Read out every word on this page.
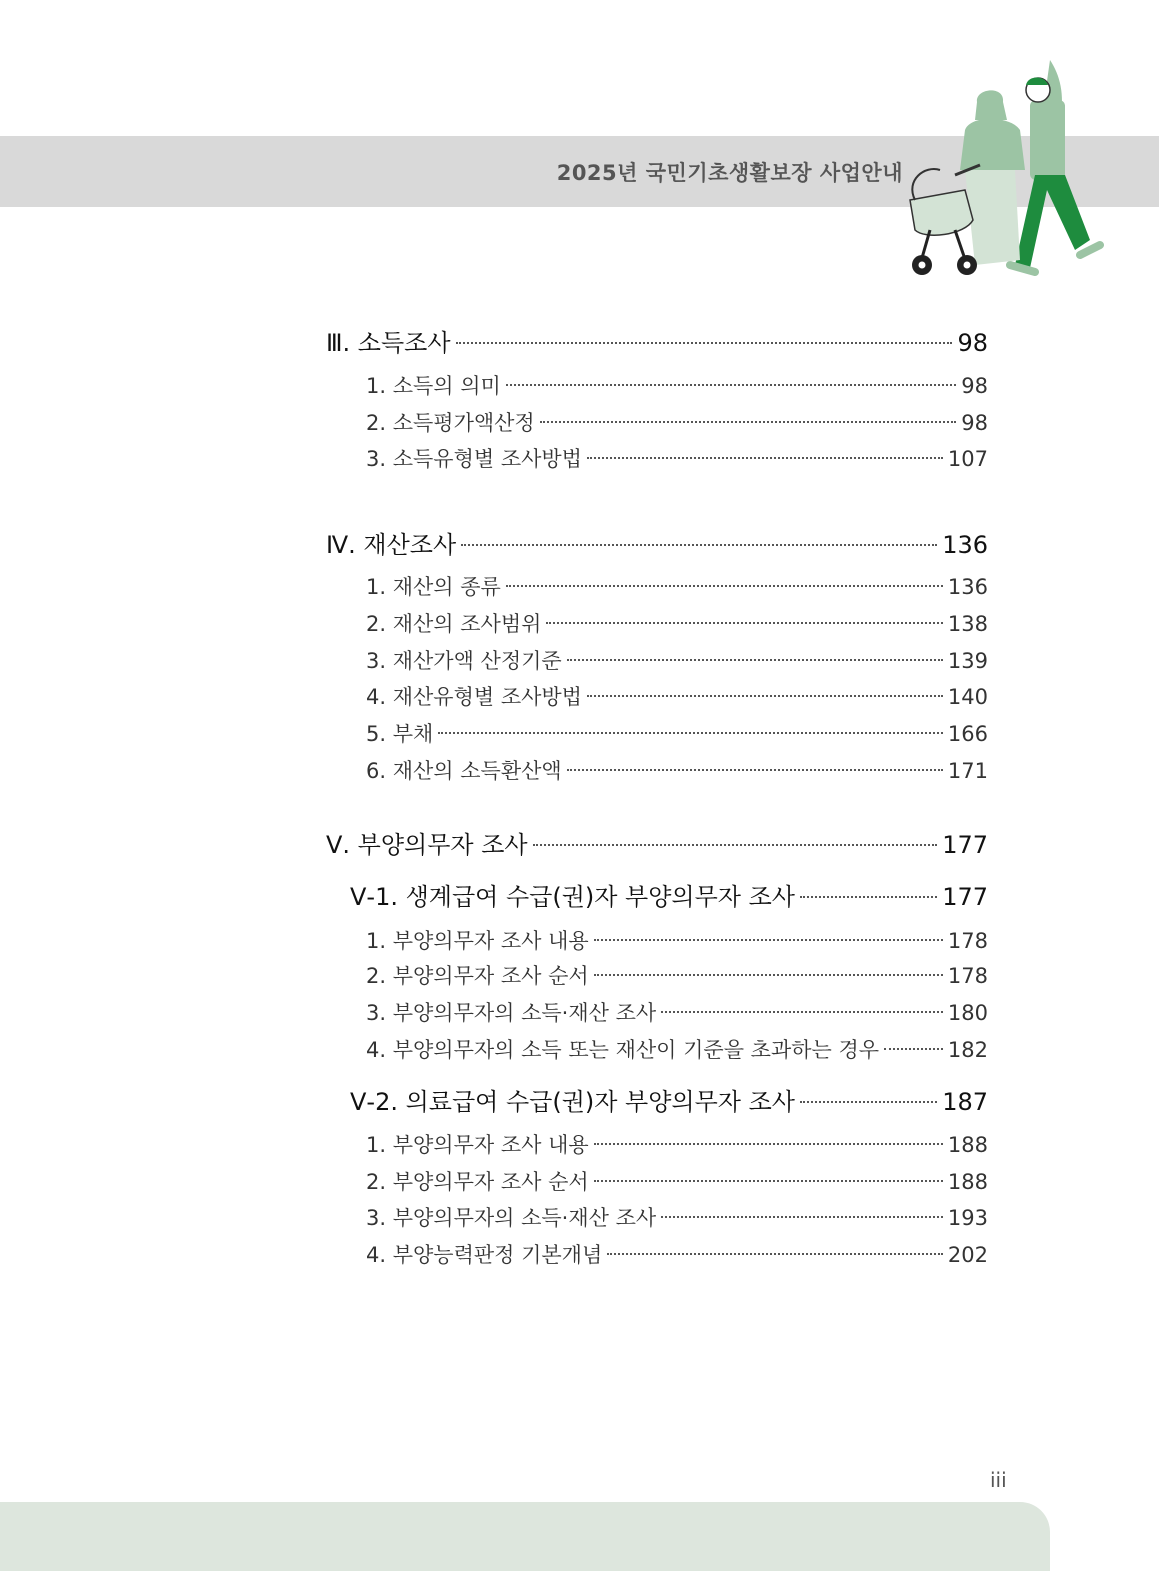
2025년 국민기초생활보장 사업안내
Ⅲ. 소득조사	98
1. 소득의 의미	98
2. 소득평가액산정	98
3. 소득유형별 조사방법	107
Ⅳ. 재산조사	136
1. 재산의 종류	136
2. 재산의 조사범위	138
3. 재산가액 산정기준	139
4. 재산유형별 조사방법	140
5. 부채	166
6. 재산의 소득환산액	171
Ⅴ. 부양의무자 조사	177
Ⅴ-1. 생계급여 수급(권)자 부양의무자 조사	177
1. 부양의무자 조사 내용	178
2. 부양의무자 조사 순서	178
3. 부양의무자의 소득·재산 조사	180
4. 부양의무자의 소득 또는 재산이 기준을 초과하는 경우	182
Ⅴ-2. 의료급여 수급(권)자 부양의무자 조사	187
1. 부양의무자 조사 내용	188
2. 부양의무자 조사 순서	188
3. 부양의무자의 소득·재산 조사	193
4. 부양능력판정 기본개념	202
iii
